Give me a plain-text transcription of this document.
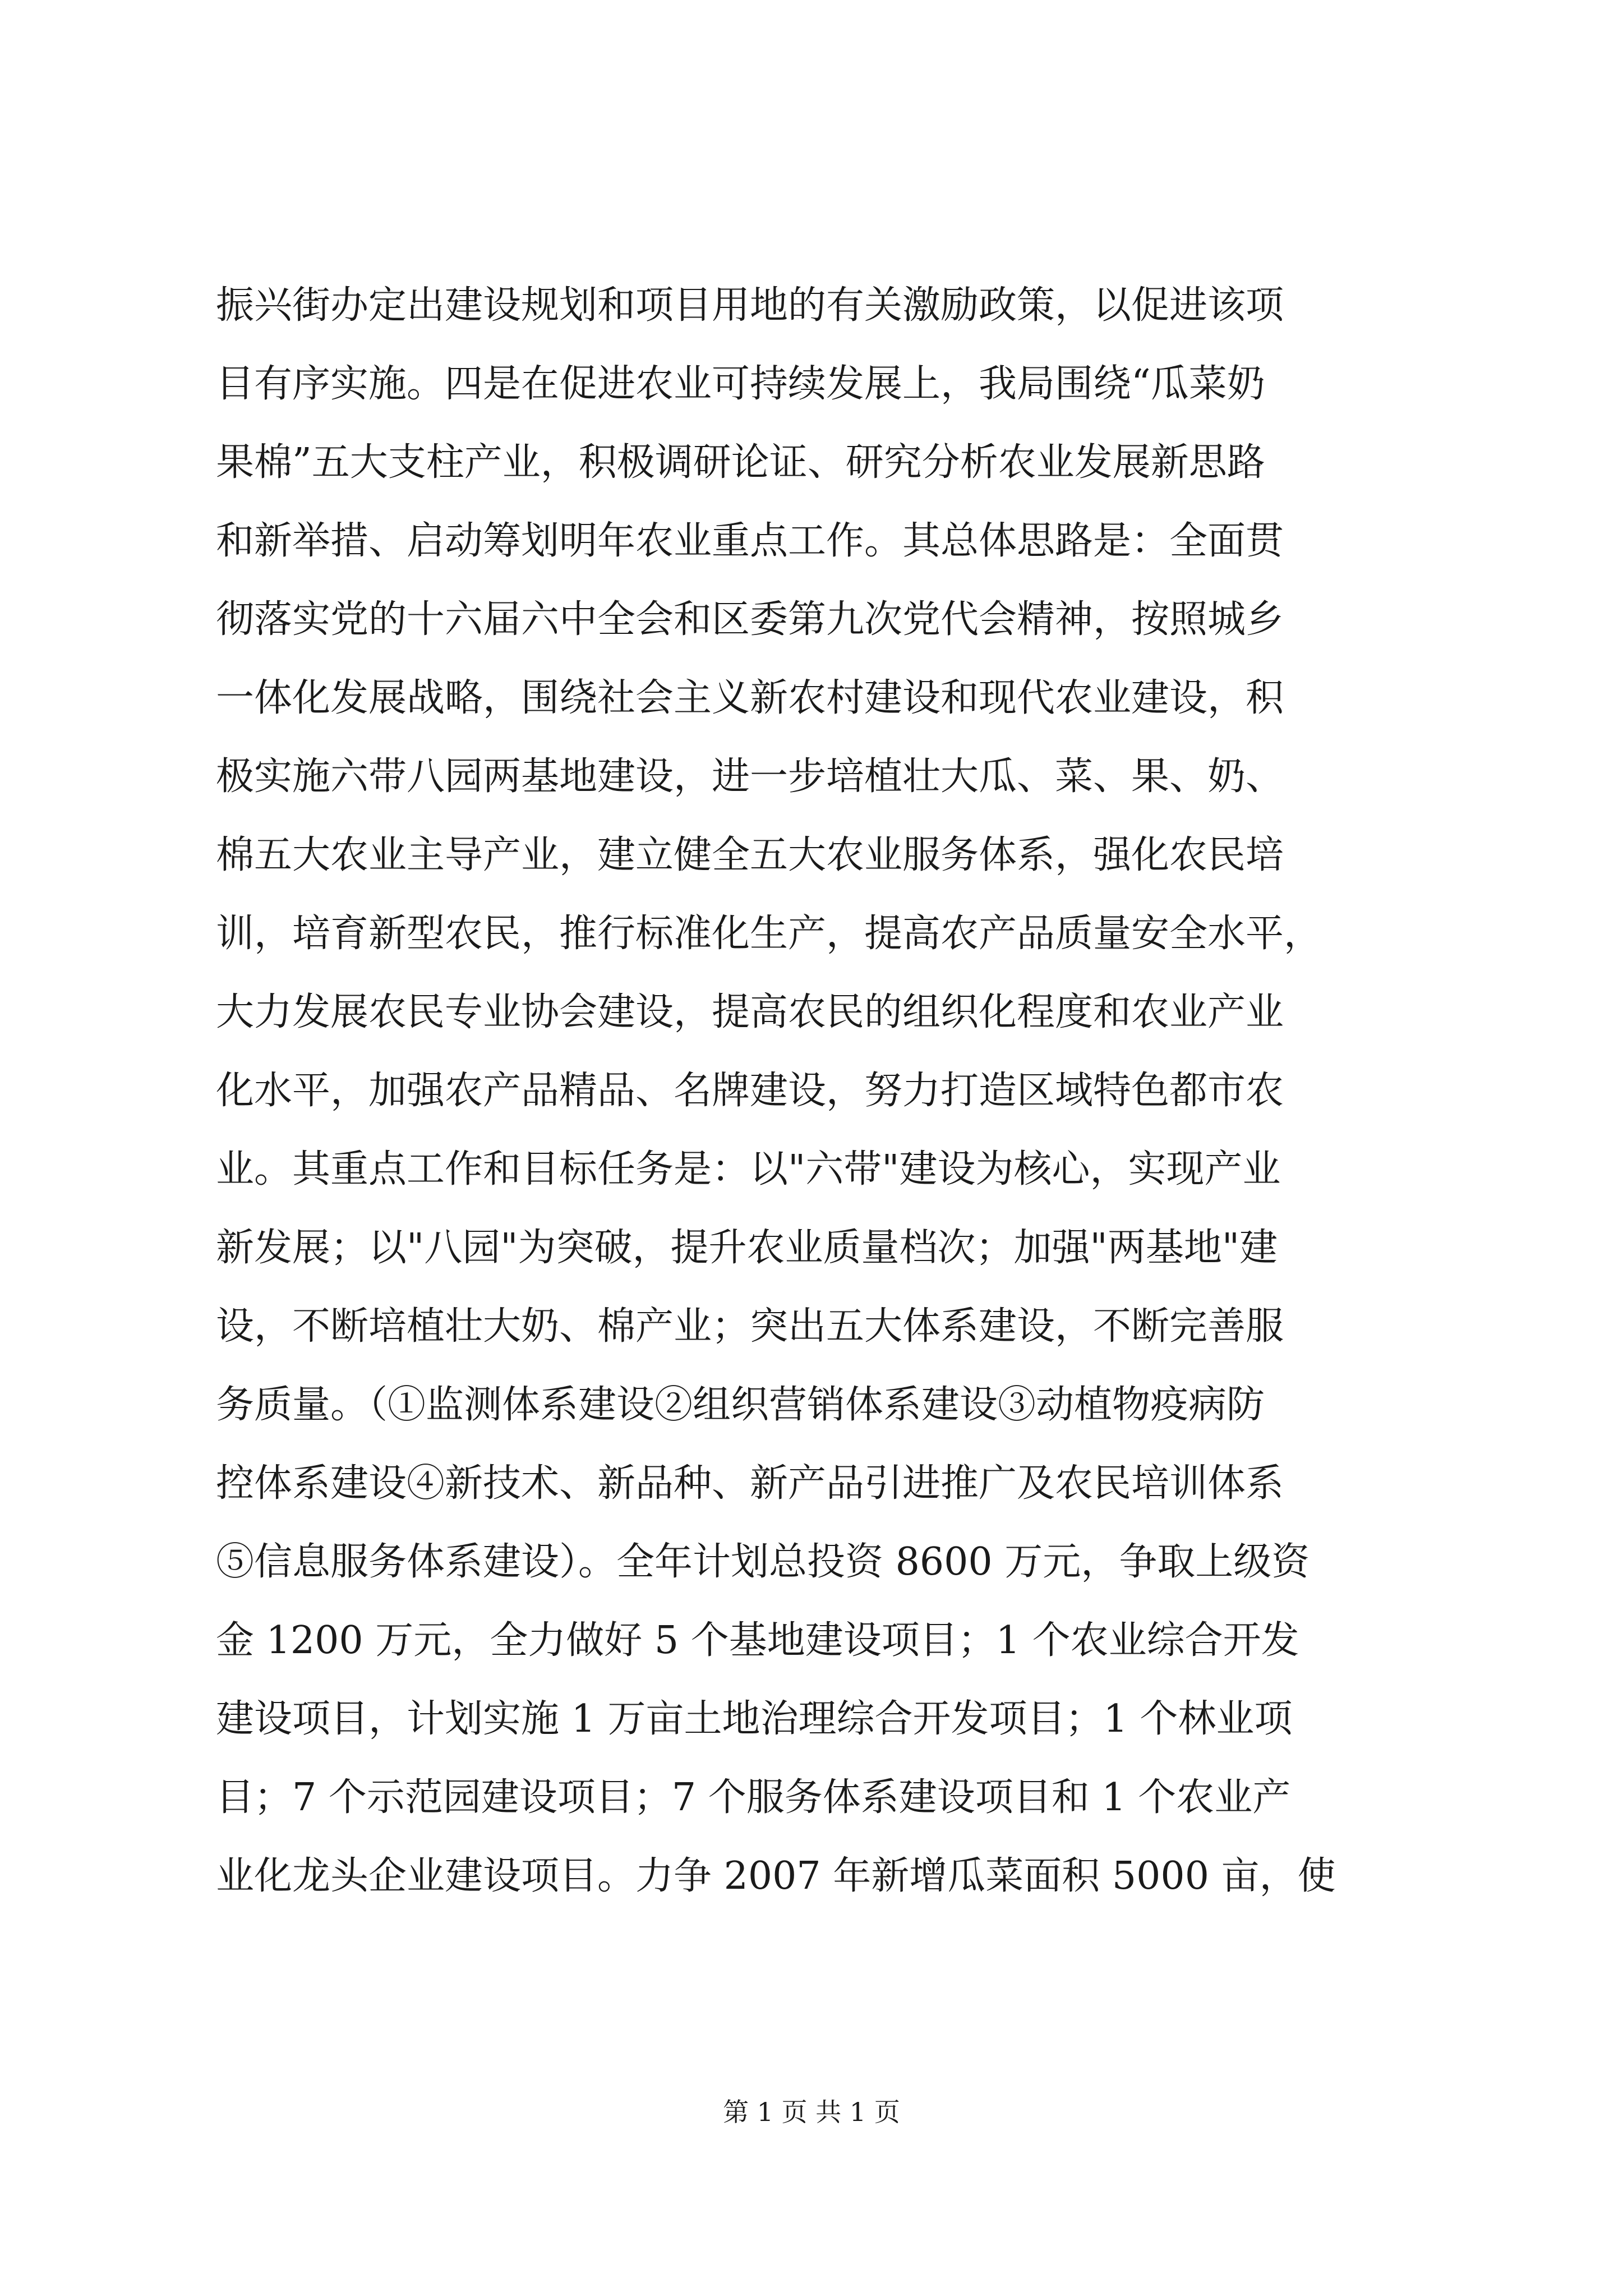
振兴街办定出建设规划和项目用地的有关激励政策，以促进该项
目有序实施。四是在促进农业可持续发展上，我局围绕“瓜菜奶
果棉”五大支柱产业，积极调研论证、研究分析农业发展新思路
和新举措、启动筹划明年农业重点工作。其总体思路是：全面贯
彻落实党的十六届六中全会和区委第九次党代会精神，按照城乡
一体化发展战略，围绕社会主义新农村建设和现代农业建设，积
极实施六带八园两基地建设，进一步培植壮大瓜、菜、果、奶、
棉五大农业主导产业，建立健全五大农业服务体系，强化农民培
训，培育新型农民，推行标准化生产，提高农产品质量安全水平，
大力发展农民专业协会建设，提高农民的组织化程度和农业产业
化水平，加强农产品精品、名牌建设，努力打造区域特色都市农
业。其重点工作和目标任务是：以"六带"建设为核心，实现产业
新发展；以"八园"为突破，提升农业质量档次；加强"两基地"建
设，不断培植壮大奶、棉产业；突出五大体系建设，不断完善服
务质量。（①监测体系建设②组织营销体系建设③动植物疫病防
控体系建设④新技术、新品种、新产品引进推广及农民培训体系
⑤信息服务体系建设）。全年计划总投资 8600 万元，争取上级资
金 1200 万元，全力做好 5 个基地建设项目；1 个农业综合开发
建设项目，计划实施 1 万亩土地治理综合开发项目；1 个林业项
目；7 个示范园建设项目；7 个服务体系建设项目和 1 个农业产
业化龙头企业建设项目。力争 2007 年新增瓜菜面积 5000 亩，使
第 1 页 共 1 页
